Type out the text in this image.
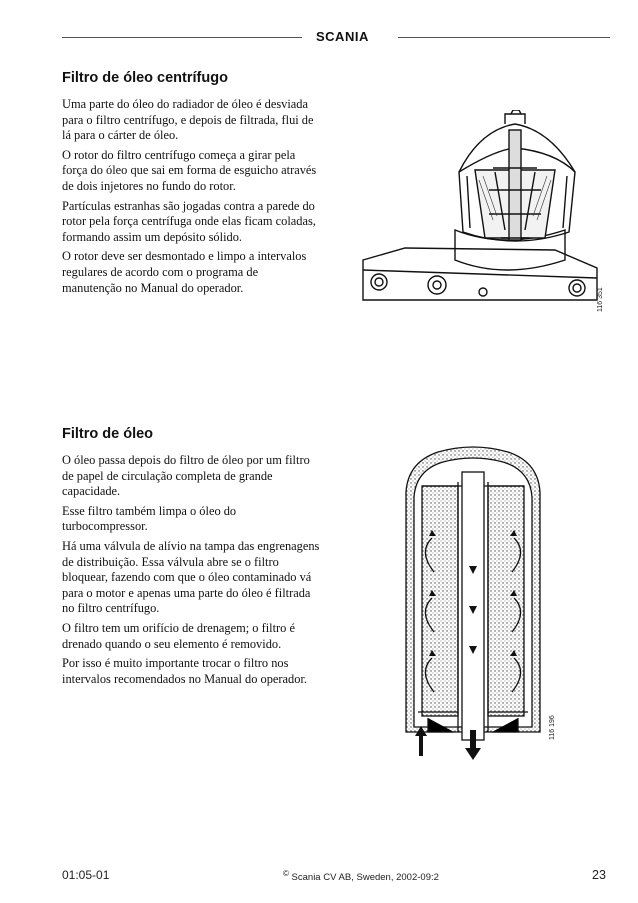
SCANIA
Filtro de óleo centrífugo

Uma parte do óleo do radiador de óleo é desviada para o filtro centrífugo, e depois de filtrada, flui de lá para o cárter de óleo.

O rotor do filtro centrífugo começa a girar pela força do óleo que sai em forma de esguicho através de dois injetores no fundo do rotor.

Partículas estranhas são jogadas contra a parede do rotor pela força centrífuga onde elas ficam coladas, formando assim um depósito sólido.

O rotor deve ser desmontado e limpo a intervalos regulares de acordo com o programa de manutenção no Manual do operador.	116 351
Filtro de óleo

O óleo passa depois do filtro de óleo por um filtro de papel de circulação completa de grande capacidade.

Esse filtro também limpa o óleo do turbocompressor.

Há uma válvula de alívio na tampa das engrenagens de distribuição. Essa válvula abre se o filtro bloquear, fazendo com que o óleo contaminado vá para o motor e apenas uma parte do óleo é filtrada no filtro centrífugo.

O filtro tem um orifício de drenagem; o filtro é drenado quando o seu elemento é removido.

Por isso é muito importante trocar o filtro nos intervalos recomendados no Manual do operador.

116 196
01:05-01	© Scania CV AB, Sweden, 2002-09:2	23
